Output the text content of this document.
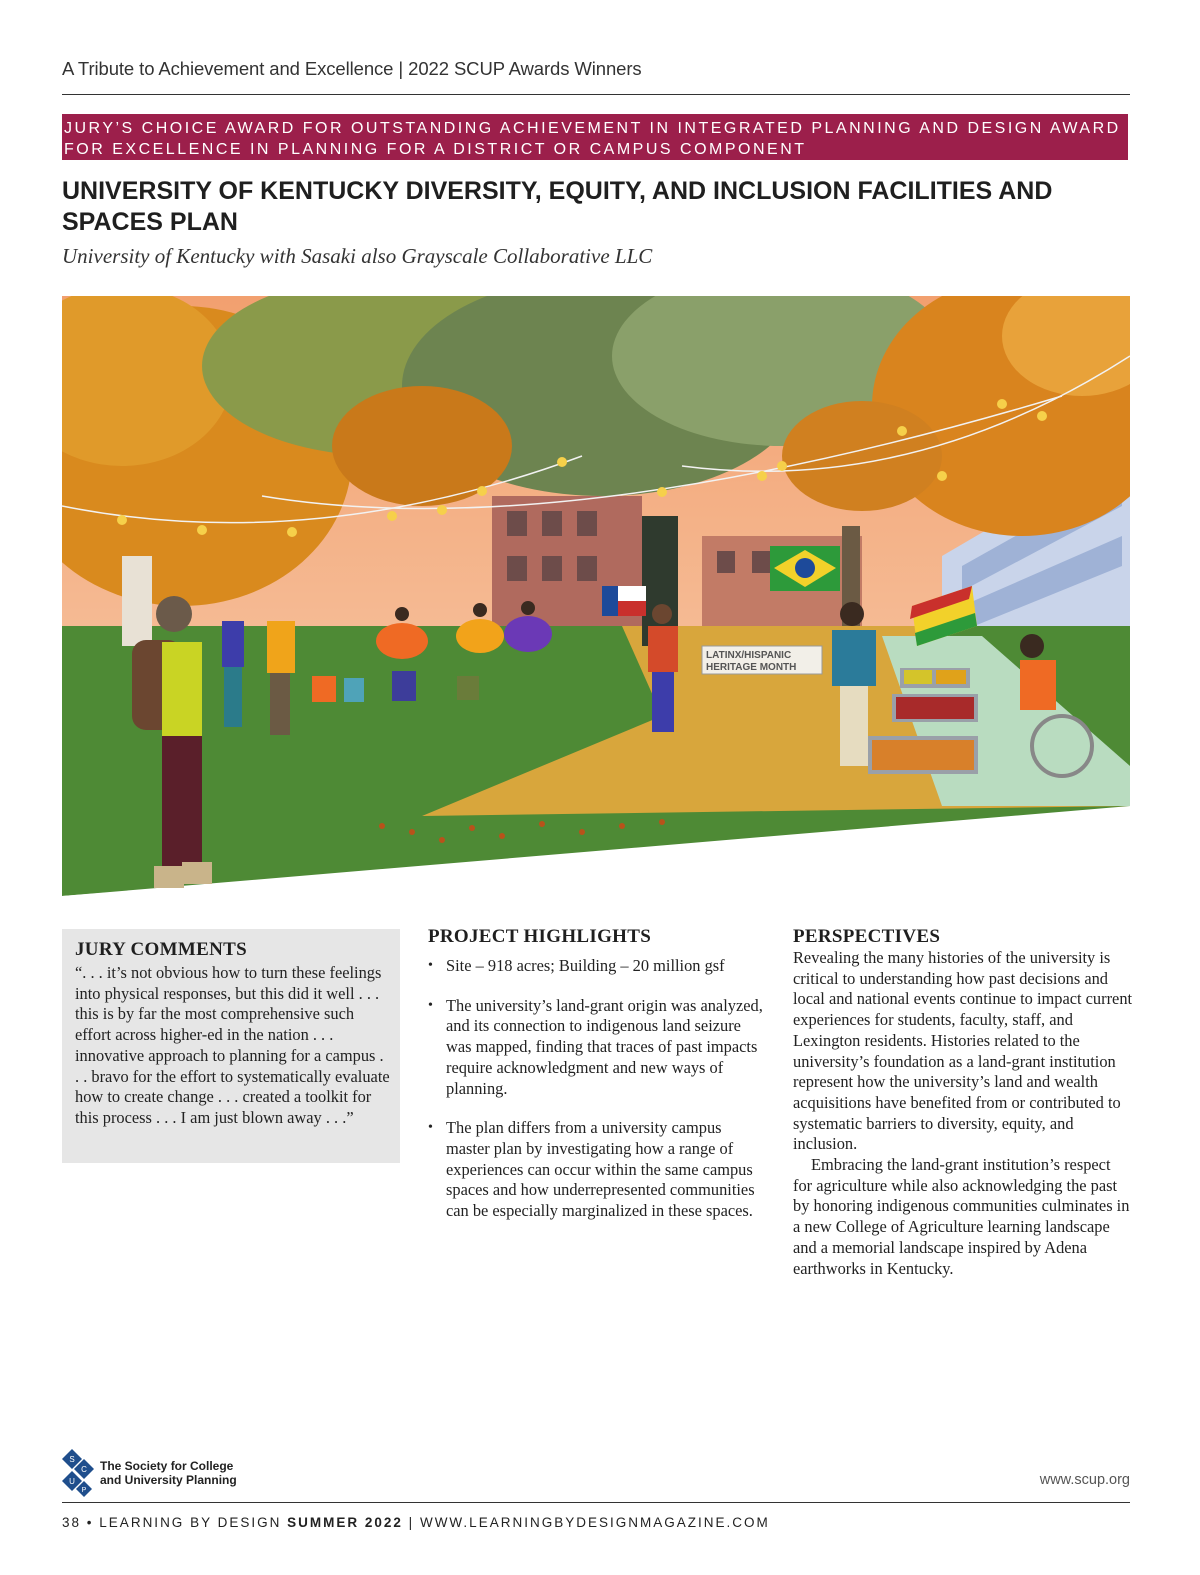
A Tribute to Achievement and Excellence | 2022 SCUP Awards Winners
JURY’S CHOICE AWARD FOR OUTSTANDING ACHIEVEMENT IN INTEGRATED PLANNING AND DESIGN AWARD
FOR EXCELLENCE IN PLANNING FOR A DISTRICT OR CAMPUS COMPONENT
UNIVERSITY OF KENTUCKY DIVERSITY, EQUITY, AND INCLUSION FACILITIES AND SPACES PLAN
University of Kentucky with Sasaki also Grayscale Collaborative LLC
LATINX/HISPANIC
HERITAGE MONTH
JURY COMMENTS

“. . . it’s not obvious how to turn these feelings into physical responses, but this did it well . . . this is by far the most comprehensive such effort across higher-ed in the nation . . . innovative approach to planning for a campus . . . bravo for the effort to systematically evaluate how to create change . . . created a toolkit for this process . . . I am just blown away . . .”

PROJECT HIGHLIGHTS
• Site – 918 acres; Building – 20 million gsf
• The university’s land-grant origin was analyzed, and its connection to indigenous land seizure was mapped, finding that traces of past impacts require acknowledgment and new ways of planning.
• The plan differs from a university campus master plan by investigating how a range of experiences can occur within the same campus spaces and how underrepresented communities can be especially marginalized in these spaces.
PERSPECTIVES

Revealing the many histories of the university is critical to understanding how past decisions and local and national events continue to impact current experiences for students, faculty, staff, and Lexington residents. Histories related to the university’s foundation as a land-grant institution represent how the university’s land and wealth acquisitions have benefited from or contributed to systematic barriers to diversity, equity, and inclusion.

Embracing the land-grant institution’s respect for agriculture while also acknowledging the past by honoring indigenous communities culminates in a new College of Agriculture learning landscape and a memorial landscape inspired by Adena earthworks in Kentucky.

S
C
U
P
The Society for College
and University Planning	www.scup.org
38 • LEARNING BY DESIGN SUMMER 2022 | WWW.LEARNINGBYDESIGNMAGAZINE.COM
